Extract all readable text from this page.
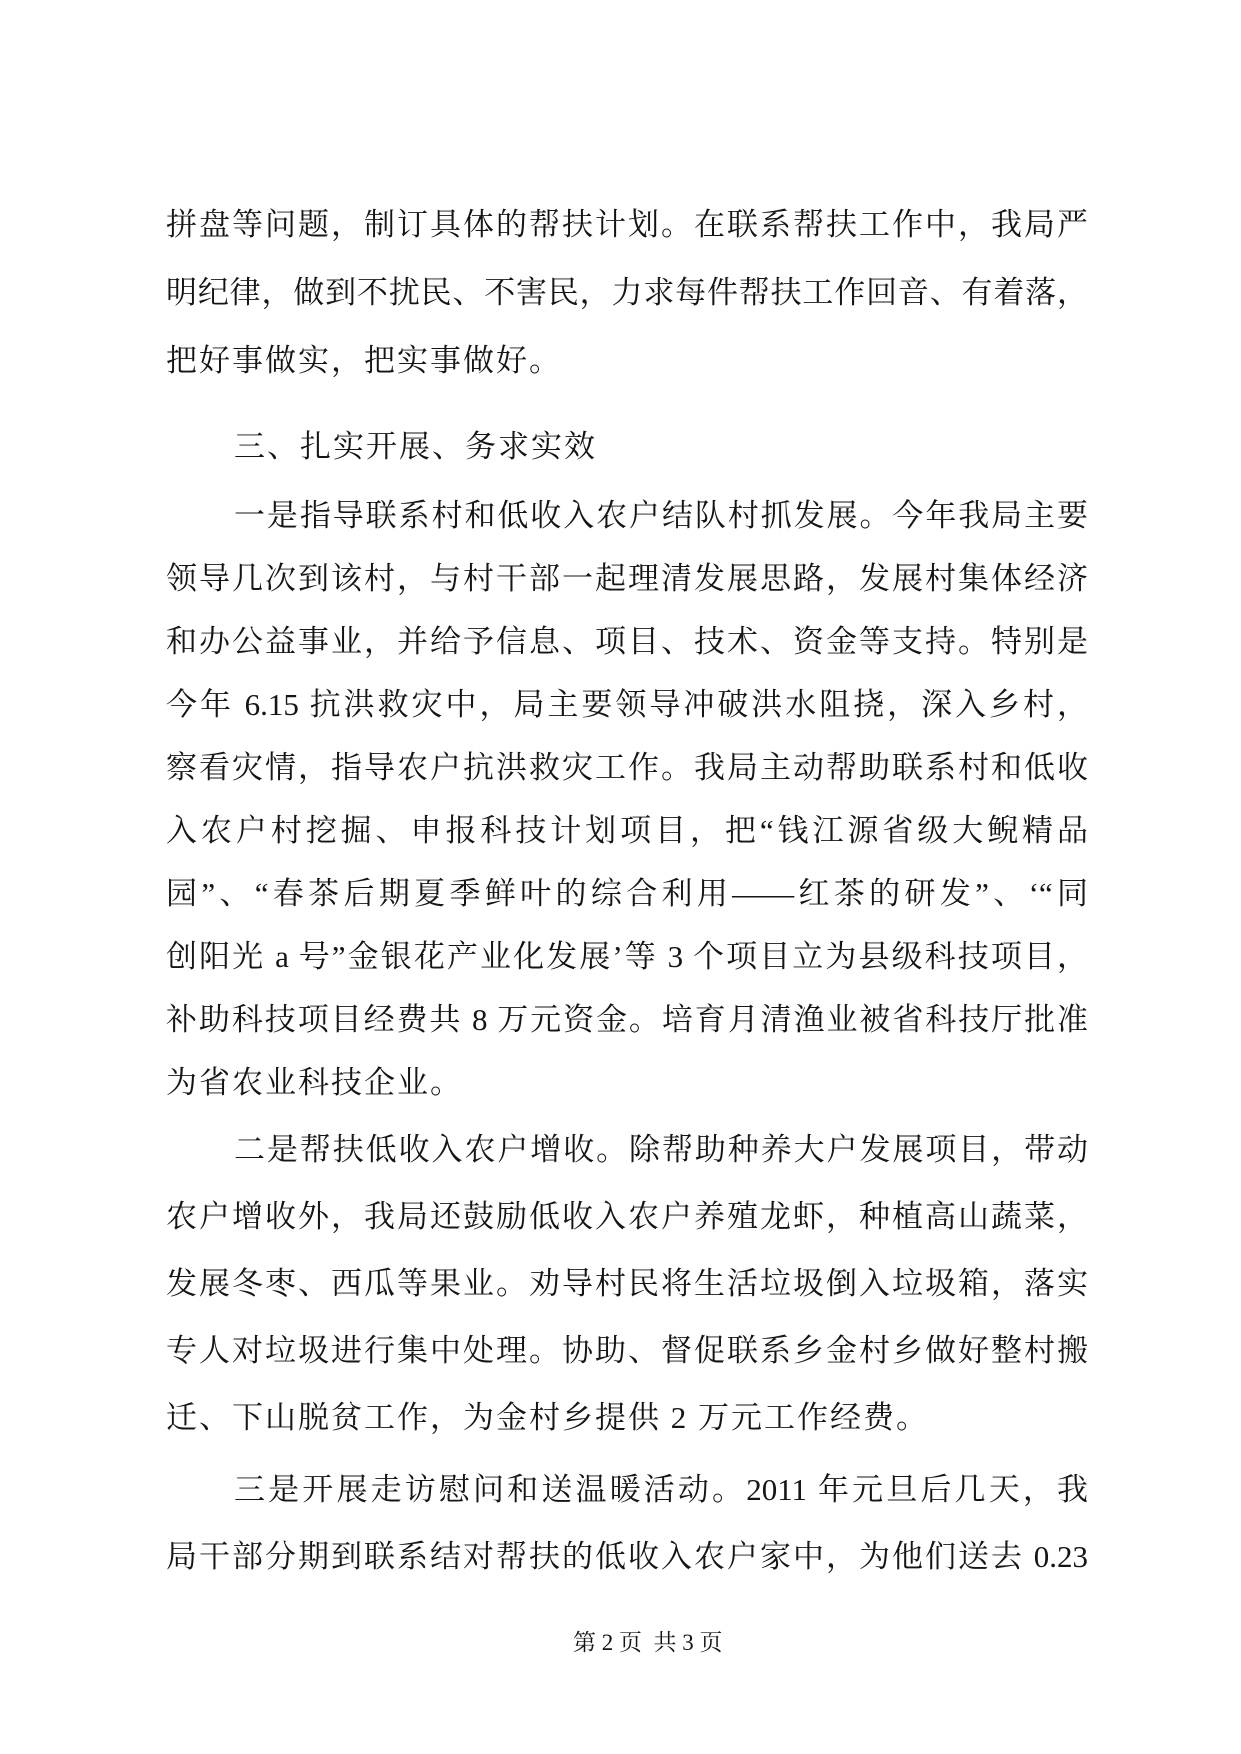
拼盘等问题，制订具体的帮扶计划。在联系帮扶工作中，我局严
明纪律，做到不扰民、不害民，力求每件帮扶工作回音、有着落，
把好事做实，把实事做好。
三、扎实开展、务求实效
一是指导联系村和低收入农户结队村抓发展。今年我局主要
领导几次到该村，与村干部一起理清发展思路，发展村集体经济
和办公益事业，并给予信息、项目、技术、资金等支持。特别是
今年 6.15 抗洪救灾中，局主要领导冲破洪水阻挠，深入乡村，
察看灾情，指导农户抗洪救灾工作。我局主动帮助联系村和低收
入农户村挖掘、申报科技计划项目，把“钱江源省级大鲵精品
园”、“春茶后期夏季鲜叶的综合利用——红茶的研发”、‘“同
创阳光 a 号”金银花产业化发展’等 3 个项目立为县级科技项目，
补助科技项目经费共 8 万元资金。培育月清渔业被省科技厅批准
为省农业科技企业。
二是帮扶低收入农户增收。除帮助种养大户发展项目，带动
农户增收外，我局还鼓励低收入农户养殖龙虾，种植高山蔬菜，
发展冬枣、西瓜等果业。劝导村民将生活垃圾倒入垃圾箱，落实
专人对垃圾进行集中处理。协助、督促联系乡金村乡做好整村搬
迁、下山脱贫工作，为金村乡提供 2 万元工作经费。
三是开展走访慰问和送温暖活动。2011 年元旦后几天，我
局干部分期到联系结对帮扶的低收入农户家中，为他们送去 0.23
第 2 页  共 3 页
